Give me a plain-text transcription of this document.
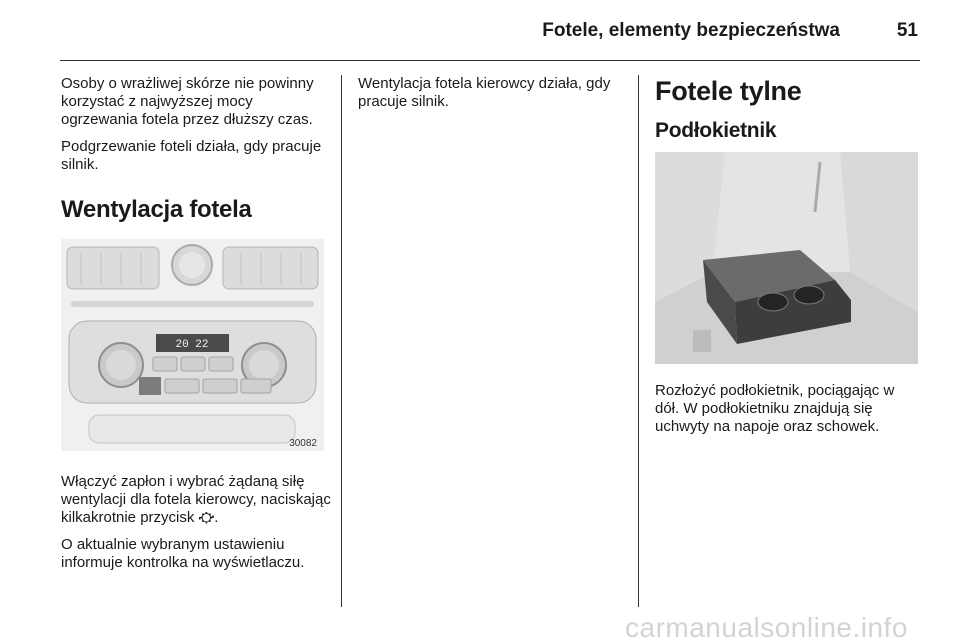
Fotele, elementy bezpieczeństwa	51

Osoby o wrażliwej skórze nie powinny korzystać z najwyższej mocy ogrzewania fotela przez dłuższy czas.

Podgrzewanie foteli działa, gdy pracuje silnik.

Wentylacja fotela
20 22
30082

Włączyć zapłon i wybrać żądaną siłę wentylacji dla fotela kierowcy, naciskając kilkakrotnie przycisk ⛮.

O aktualnie wybranym ustawieniu informuje kontrolka na wyświetlaczu.

Wentylacja fotela kierowcy działa, gdy pracuje silnik.	Fotele tylne
Podłokietnik

Rozłożyć podłokietnik, pociągając w dół. W podłokietniku znajdują się uchwyty na napoje oraz schowek.

carmanualsonline.info
